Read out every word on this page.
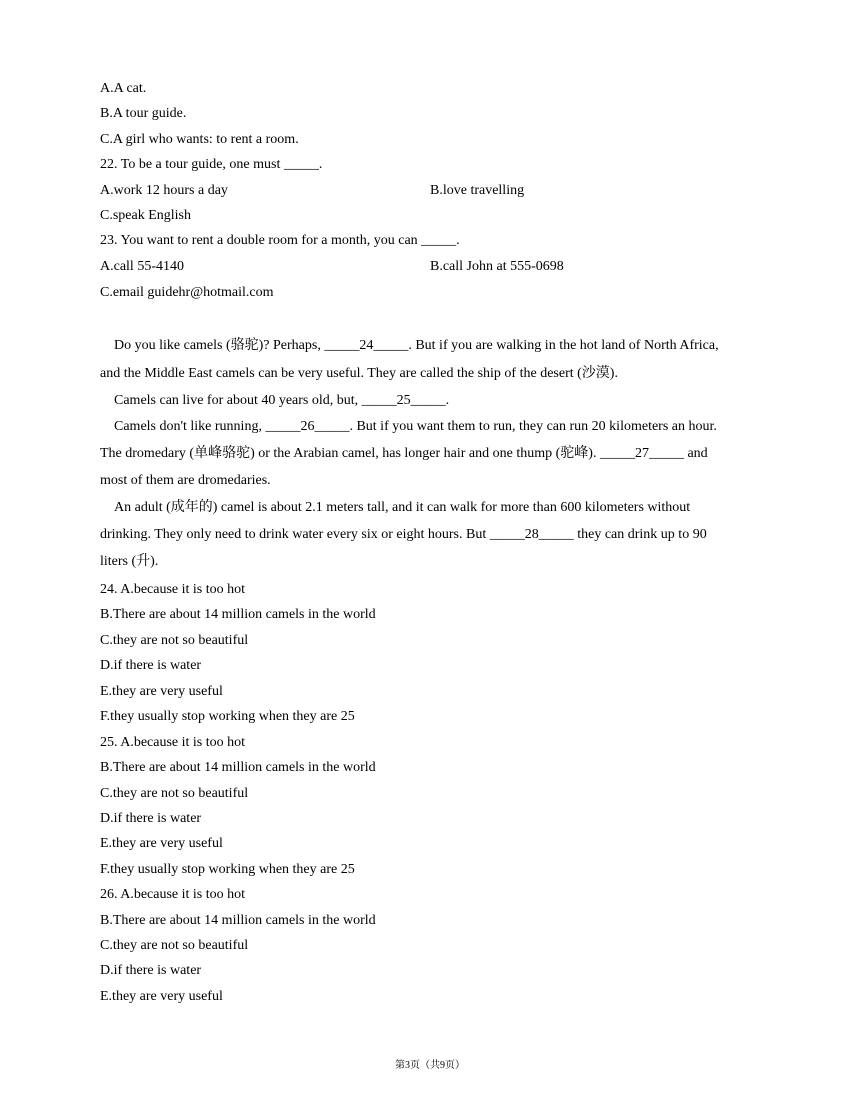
A.A cat.
B.A tour guide.
C.A girl who wants: to rent a room.
22. To be a tour guide, one must _____.
A.work 12 hours a day	B.love travelling
C.speak English
23. You want to rent a double room for a month, you can _____.
A.call 55-4140	B.call John at 555-0698
C.email guidehr@hotmail.com
Do you like camels (骆驼)? Perhaps, _____24_____. But if you are walking in the hot land of North Africa,
and the Middle East camels can be very useful. They are called the ship of the desert (沙漠).
Camels can live for about 40 years old, but, _____25_____.
Camels don't like running, _____26_____. But if you want them to run, they can run 20 kilometers an hour.
The dromedary (单峰骆驼) or the Arabian camel, has longer hair and one thump (驼峰). _____27_____ and
most of them are dromedaries.
An adult (成年的) camel is about 2.1 meters tall, and it can walk for more than 600 kilometers without
drinking. They only need to drink water every six or eight hours. But _____28_____ they can drink up to 90
liters (升).
24. A.because it is too hot
B.There are about 14 million camels in the world
C.they are not so beautiful
D.if there is water
E.they are very useful
F.they usually stop working when they are 25
25. A.because it is too hot
B.There are about 14 million camels in the world
C.they are not so beautiful
D.if there is water
E.they are very useful
F.they usually stop working when they are 25
26. A.because it is too hot
B.There are about 14 million camels in the world
C.they are not so beautiful
D.if there is water
E.they are very useful
第3页（共9页）
